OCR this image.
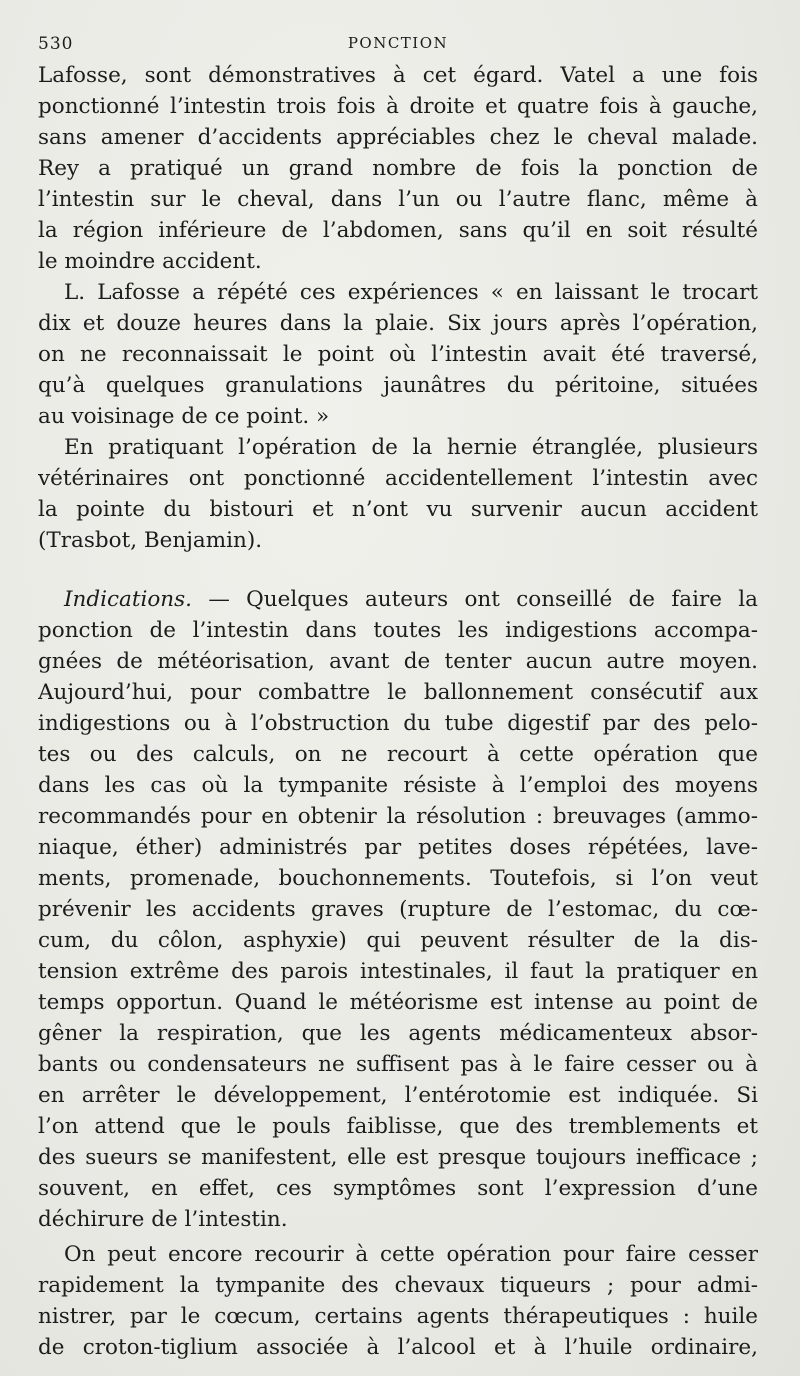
530	PONCTION
Lafosse, sont démonstratives à cet égard. Vatel a une fois
ponctionné l’intestin trois fois à droite et quatre fois à gauche,
sans amener d’accidents appréciables chez le cheval malade.
Rey a pratiqué un grand nombre de fois la ponction de
l’intestin sur le cheval, dans l’un ou l’autre flanc, même à
la région inférieure de l’abdomen, sans qu’il en soit résulté
le moindre accident.
L. Lafosse a répété ces expériences « en laissant le trocart
dix et douze heures dans la plaie. Six jours après l’opération,
on ne reconnaissait le point où l’intestin avait été traversé,
qu’à quelques granulations jaunâtres du péritoine, situées
au voisinage de ce point. »
En pratiquant l’opération de la hernie étranglée, plusieurs
vétérinaires ont ponctionné accidentellement l’intestin avec
la pointe du bistouri et n’ont vu survenir aucun accident
(Trasbot, Benjamin).
Indications. — Quelques auteurs ont conseillé de faire la
ponction de l’intestin dans toutes les indigestions accompa-
gnées de météorisation, avant de tenter aucun autre moyen.
Aujourd’hui, pour combattre le ballonnement consécutif aux
indigestions ou à l’obstruction du tube digestif par des pelo-
tes ou des calculs, on ne recourt à cette opération que
dans les cas où la tympanite résiste à l’emploi des moyens
recommandés pour en obtenir la résolution : breuvages (ammo-
niaque, éther) administrés par petites doses répétées, lave-
ments, promenade, bouchonnements. Toutefois, si l’on veut
prévenir les accidents graves (rupture de l’estomac, du cœ-
cum, du côlon, asphyxie) qui peuvent résulter de la dis-
tension extrême des parois intestinales, il faut la pratiquer en
temps opportun. Quand le météorisme est intense au point de
gêner la respiration, que les agents médicamenteux absor-
bants ou condensateurs ne suffisent pas à le faire cesser ou à
en arrêter le développement, l’entérotomie est indiquée. Si
l’on attend que le pouls faiblisse, que des tremblements et
des sueurs se manifestent, elle est presque toujours inefficace ;
souvent, en effet, ces symptômes sont l’expression d’une
déchirure de l’intestin.
On peut encore recourir à cette opération pour faire cesser
rapidement la tympanite des chevaux tiqueurs ; pour admi-
nistrer, par le cœcum, certains agents thérapeutiques : huile
de croton-tiglium associée à l’alcool et à l’huile ordinaire,
